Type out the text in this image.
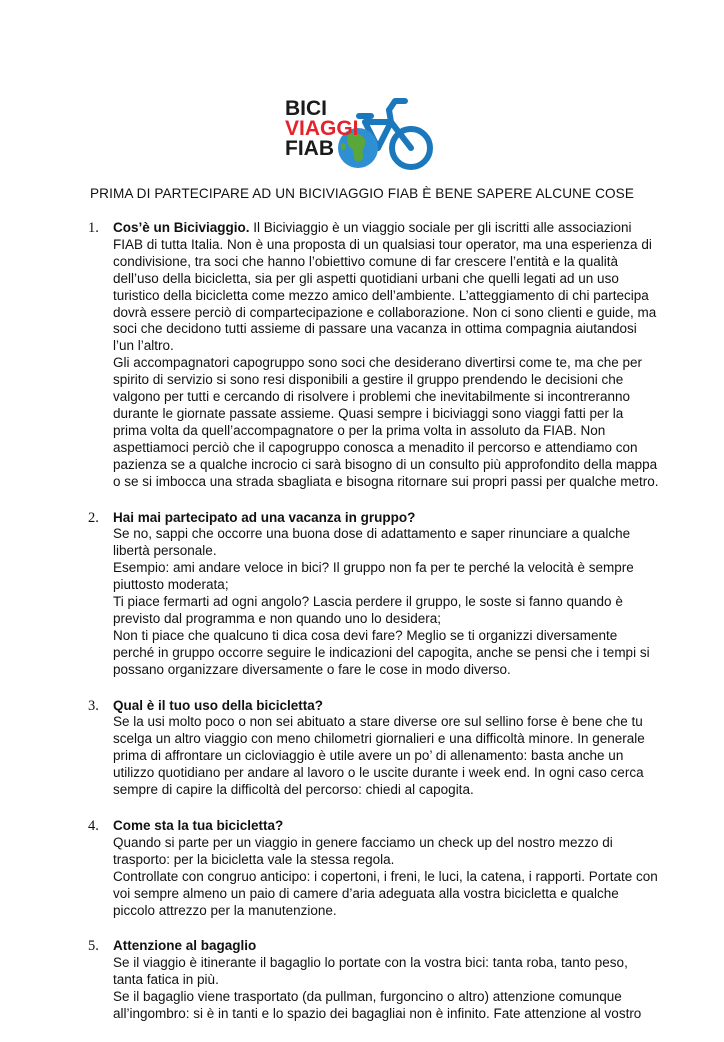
BICI
VIAGGI
FIAB
PRIMA DI PARTECIPARE AD UN BICIVIAGGIO FIAB È BENE SAPERE ALCUNE COSE
1. Cos’è un Biciviaggio. Il Biciviaggio è un viaggio sociale per gli iscritti alle associazioni FIAB di tutta Italia. Non è una proposta di un qualsiasi tour operator, ma una esperienza di condivisione, tra soci che hanno l’obiettivo comune di far crescere l’entità e la qualità dell’uso della bicicletta, sia per gli aspetti quotidiani urbani che quelli legati ad un uso turistico della bicicletta come mezzo amico dell’ambiente. L’atteggiamento di chi partecipa dovrà essere perciò di compartecipazione e collaborazione. Non ci sono clienti e guide, ma soci che decidono tutti assieme di passare una vacanza in ottima compagnia aiutandosi l’un l’altro.

Gli accompagnatori capogruppo sono soci che desiderano divertirsi come te, ma che per spirito di servizio si sono resi disponibili a gestire il gruppo prendendo le decisioni che valgono per tutti e cercando di risolvere i problemi che inevitabilmente si incontreranno durante le giornate passate assieme. Quasi sempre i biciviaggi sono viaggi fatti per la prima volta da quell’accompagnatore o per la prima volta in assoluto da FIAB. Non aspettiamoci perciò che il capogruppo conosca a menadito il percorso e attendiamo con pazienza se a qualche incrocio ci sarà bisogno di un consulto più approfondito della mappa o se si imbocca una strada sbagliata e bisogna ritornare sui propri passi per qualche metro.

2. Hai mai partecipato ad una vacanza in gruppo?

Se no, sappi che occorre una buona dose di adattamento e saper rinunciare a qualche libertà personale.

Esempio: ami andare veloce in bici? Il gruppo non fa per te perché la velocità è sempre piuttosto moderata;

Ti piace fermarti ad ogni angolo? Lascia perdere il gruppo, le soste si fanno quando è previsto dal programma e non quando uno lo desidera;

Non ti piace che qualcuno ti dica cosa devi fare? Meglio se ti organizzi diversamente perché in gruppo occorre seguire le indicazioni del capogita, anche se pensi che i tempi si possano organizzare diversamente o fare le cose in modo diverso.

3. Qual è il tuo uso della bicicletta?

Se la usi molto poco o non sei abituato a stare diverse ore sul sellino forse è bene che tu scelga un altro viaggio con meno chilometri giornalieri e una difficoltà minore. In generale prima di affrontare un cicloviaggio è utile avere un po’ di allenamento: basta anche un utilizzo quotidiano per andare al lavoro o le uscite durante i week end. In ogni caso cerca sempre di capire la difficoltà del percorso: chiedi al capogita.

4. Come sta la tua bicicletta?

Quando si parte per un viaggio in genere facciamo un check up del nostro mezzo di trasporto: per la bicicletta vale la stessa regola.

Controllate con congruo anticipo: i copertoni, i freni, le luci, la catena, i rapporti. Portate con voi sempre almeno un paio di camere d’aria adeguata alla vostra bicicletta e qualche piccolo attrezzo per la manutenzione.

5. Attenzione al bagaglio

Se il viaggio è itinerante il bagaglio lo portate con la vostra bici: tanta roba, tanto peso, tanta fatica in più.

Se il bagaglio viene trasportato (da pullman, furgoncino o altro) attenzione comunque all’ingombro: si è in tanti e lo spazio dei bagagliai non è infinito. Fate attenzione al vostro
